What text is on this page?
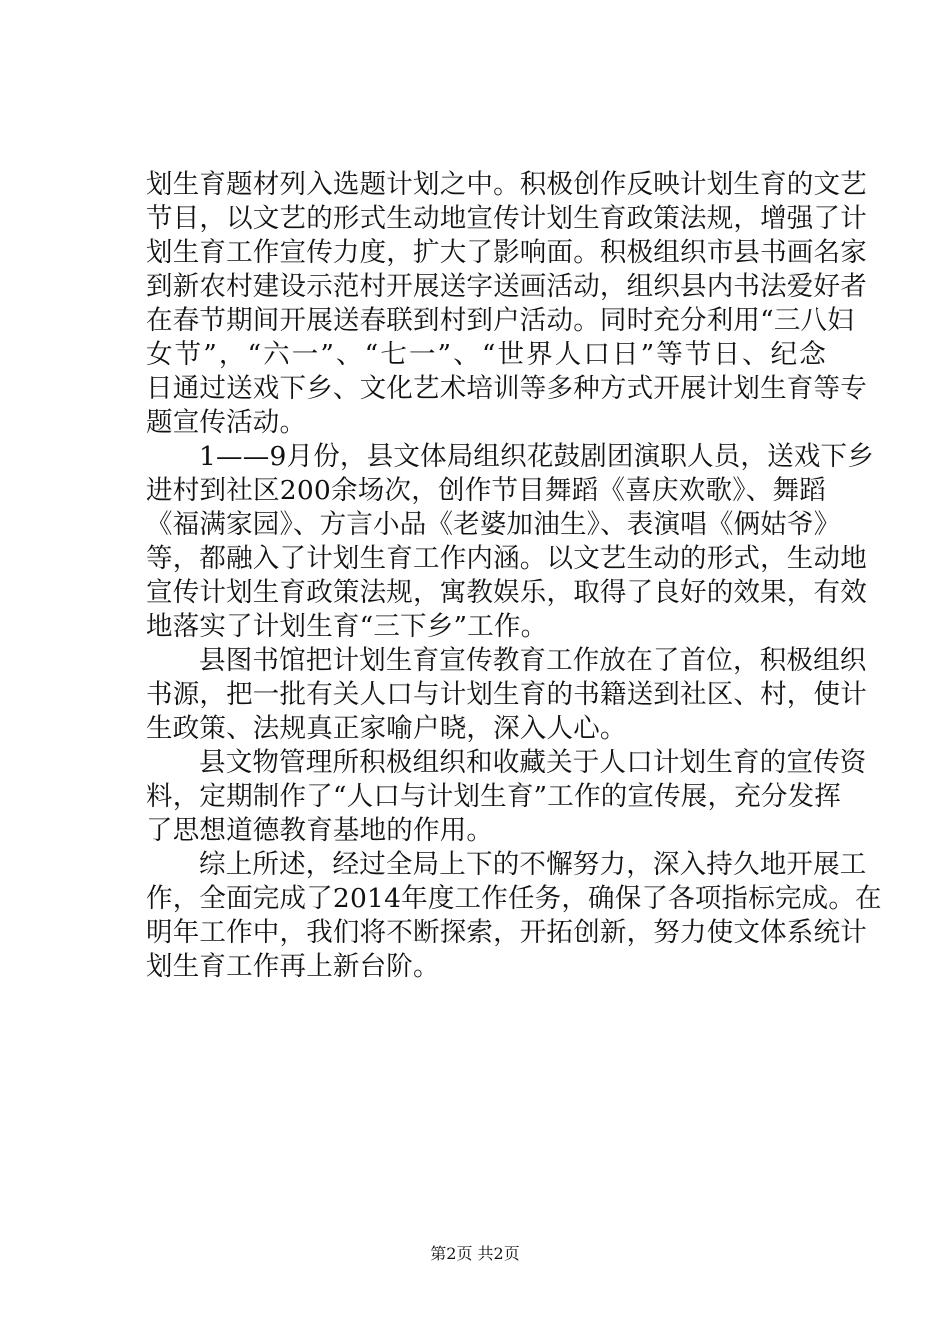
划生育题材列入选题计划之中。积极创作反映计划生育的文艺
节目，以文艺的形式生动地宣传计划生育政策法规，增强了计
划生育工作宣传力度，扩大了影响面。积极组织市县书画名家
到新农村建设示范村开展送字送画活动，组织县内书法爱好者
在春节期间开展送春联到村到户活动。同时充分利用“三八妇
女节”，“六一”、“七一”、“世界人口日”等节日、纪念
日通过送戏下乡、文化艺术培训等多种方式开展计划生育等专
题宣传活动。
1——9月份，县文体局组织花鼓剧团演职人员，送戏下乡
进村到社区200余场次，创作节目舞蹈《喜庆欢歌》、舞蹈
《福满家园》、方言小品《老婆加油生》、表演唱《俩姑爷》
等，都融入了计划生育工作内涵。以文艺生动的形式，生动地
宣传计划生育政策法规，寓教娱乐，取得了良好的效果，有效
地落实了计划生育“三下乡”工作。
县图书馆把计划生育宣传教育工作放在了首位，积极组织
书源，把一批有关人口与计划生育的书籍送到社区、村，使计
生政策、法规真正家喻户晓，深入人心。
县文物管理所积极组织和收藏关于人口计划生育的宣传资
料，定期制作了“人口与计划生育”工作的宣传展，充分发挥
了思想道德教育基地的作用。
综上所述，经过全局上下的不懈努力，深入持久地开展工
作，全面完成了2014年度工作任务，确保了各项指标完成。在
明年工作中，我们将不断探索，开拓创新，努力使文体系统计
划生育工作再上新台阶。
第2页 共2页
